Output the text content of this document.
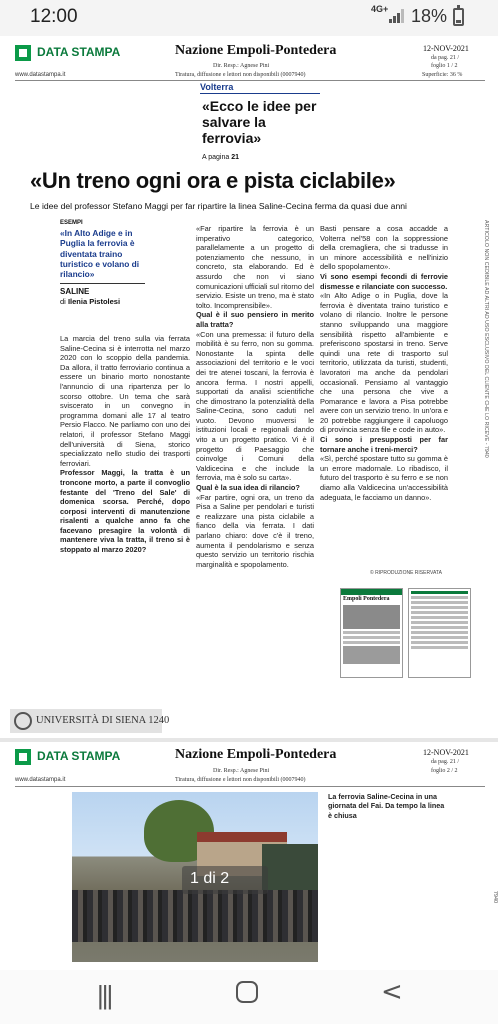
12:00	4G+ 18%
DATA STAMPA
www.datastampa.it
Nazione Empoli-Pontedera
Dir. Resp.: Agnese Pini
Tiratura, diffusione e lettori non disponibili (0007940)
12-NOV-2021
da pag. 21 /
foglio 1 / 2
Superficie: 36 %
Volterra
«Ecco le idee per salvare la ferrovia»
A pagina 21
«Un treno ogni ora e pista ciclabile»
Le idee del professor Stefano Maggi per far ripartire la linea Saline-Cecina ferma da quasi due anni
ESEMPI
«In Alto Adige e in Puglia la ferrovia è diventata traino turistico e volano di rilancio»
SALINE
di Ilenia Pistolesi
La marcia del treno sulla via ferrata Saline-Cecina si è interrotta nel marzo 2020 con lo scoppio della pandemia. Da allora, il tratto ferroviario continua a essere un binario morto nonostante l'annuncio di una ripartenza per lo scorso ottobre. Un tema che sarà sviscerato in un convegno in programma domani alle 17 al teatro Persio Flacco. Ne parliamo con uno dei relatori, il professor Stefano Maggi dell'università di Siena, storico specializzato nello studio dei trasporti ferroviari.
Professor Maggi, la tratta è un troncone morto, a parte il convoglio festante del 'Treno del Sale' di domenica scorsa. Perché, dopo corposi interventi di manutenzione risalenti a qualche anno fa che facevano presagire la volontà di mantenere viva la tratta, il treno si è stoppato al marzo 2020?
«Far ripartire la ferrovia è un imperativo categorico, parallelamente a un progetto di potenziamento che nessuno, in concreto, sta elaborando. Ed è assurdo che non vi siano comunicazioni ufficiali sul ritorno del servizio. Esiste un treno, ma è stato tolto. Incomprensibile».
Qual è il suo pensiero in merito alla tratta?
«Con una premessa: il futuro della mobilità è su ferro, non su gomma. Nonostante la spinta delle associazioni del territorio e le voci dei tre atenei toscani, la ferrovia è ancora ferma. I nostri appelli, supportati da analisi scientifiche che dimostrano la potenzialità della Saline-Cecina, sono caduti nel vuoto. Devono muoversi le istituzioni locali e regionali dando vito a un progetto pratico. Vi è il progetto di Paesaggio che coinvolge i Comuni della Valdicecina e che include la ferrovia, ma è solo su carta».
Qual è la sua idea di rilancio?
«Far partire, ogni ora, un treno da Pisa a Saline per pendolari e turisti e realizzare una pista ciclabile a fianco della via ferrata. I dati parlano chiaro: dove c'è il treno, aumenta il pendolarismo e senza questo servizio un territorio rischia marginalità e spopolamento.
Basti pensare a cosa accadde a Volterra nel'58 con la soppressione della cremagliera, che si tradusse in un minore accessibilità e nell'inizio dello spopolamento».
Vi sono esempi fecondi di ferrovie dismesse e rilanciate con successo.
«In Alto Adige o in Puglia, dove la ferrovia è diventata traino turistico e volano di rilancio. Inoltre le persone stanno sviluppando una maggiore sensibilità rispetto all'ambiente e preferiscono spostarsi in treno. Serve quindi una rete di trasporto sul territorio, utilizzata da turisti, studenti, lavoratori ma anche da pendolari occasionali. Pensiamo al vantaggio che una persona che vive a Pomarance e lavora a Pisa potrebbe avere con un servizio treno. In un'ora e 20 potrebbe raggiungere il capoluogo di provincia senza file e code in auto».
Ci sono i presupposti per far tornare anche i treni-merci?
«Sì, perché spostare tutto su gomma è un errore madornale. Lo ribadisco, il futuro del trasporto è su ferro e se non diamo alla Valdicecina un'accessibilità adeguata, le facciamo un danno».
© RIPRODUZIONE RISERVATA
ARTICOLO NON CEDIBILE AD ALTRI AD USO ESCLUSIVO DEL CLIENTE CHE LO RICEVE - 7940
Empoli Pontedera
UNIVERSITÀ DI SIENA 1240
DATA STAMPA
www.datastampa.it
Nazione Empoli-Pontedera
Dir. Resp.: Agnese Pini
Tiratura, diffusione e lettori non disponibili (0007940)
12-NOV-2021
da pag. 21 /
foglio 2 / 2
1 di 2
La ferrovia Saline-Cecina in una giornata del Fai. Da tempo la linea è chiusa
7940
|||	<
